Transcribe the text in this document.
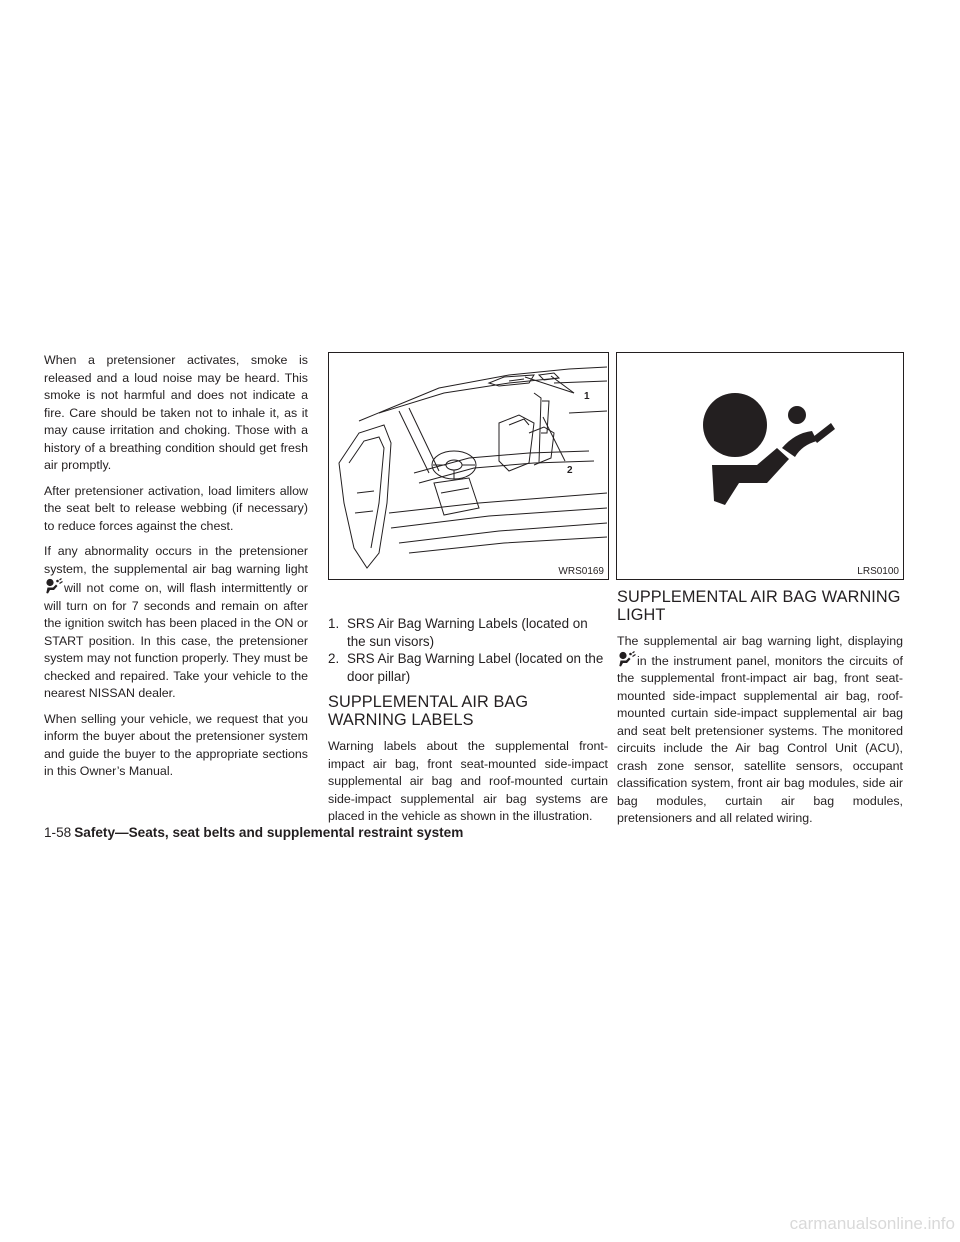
When a pretensioner activates, smoke is released and a loud noise may be heard. This smoke is not harmful and does not indicate a fire. Care should be taken not to inhale it, as it may cause irritation and choking. Those with a history of a breathing condition should get fresh air promptly.

After pretensioner activation, load limiters allow the seat belt to release webbing (if necessary) to reduce forces against the chest.

If any abnormality occurs in the pretensioner system, the supplemental air bag warning lightwill not come on, will flash intermittently or will turn on for 7 seconds and remain on after the ignition switch has been placed in the ON or START position. In this case, the pretensioner system may not function properly. They must be checked and repaired. Take your vehicle to the nearest NISSAN dealer.

When selling your vehicle, we request that you inform the buyer about the pretensioner system and guide the buyer to the appropriate sections in this Owner’s Manual.

1
2
WRS0169	LRS0100
1. SRS Air Bag Warning Labels (located on the sun visors)
2. SRS Air Bag Warning Label (located on the door pillar)
SUPPLEMENTAL AIR BAG WARNING LABELS

Warning labels about the supplemental front-impact air bag, front seat-mounted side-impact supplemental air bag and roof-mounted curtain side-impact supplemental air bag systems are placed in the vehicle as shown in the illustration.

SUPPLEMENTAL AIR BAG WARNING LIGHT

The supplemental air bag warning light, displayingin the instrument panel, monitors the circuits of the supplemental front-impact air bag, front seat-mounted side-impact supplemental air bag, roof-mounted curtain side-impact supplemental air bag and seat belt pretensioner systems. The monitored circuits include the Air bag Control Unit (ACU), crash zone sensor, satellite sensors, occupant classification system, front air bag modules, side air bag modules, curtain air bag modules, pretensioners and all related wiring.

1-58 Safety—Seats, seat belts and supplemental restraint system
carmanualsonline.info
